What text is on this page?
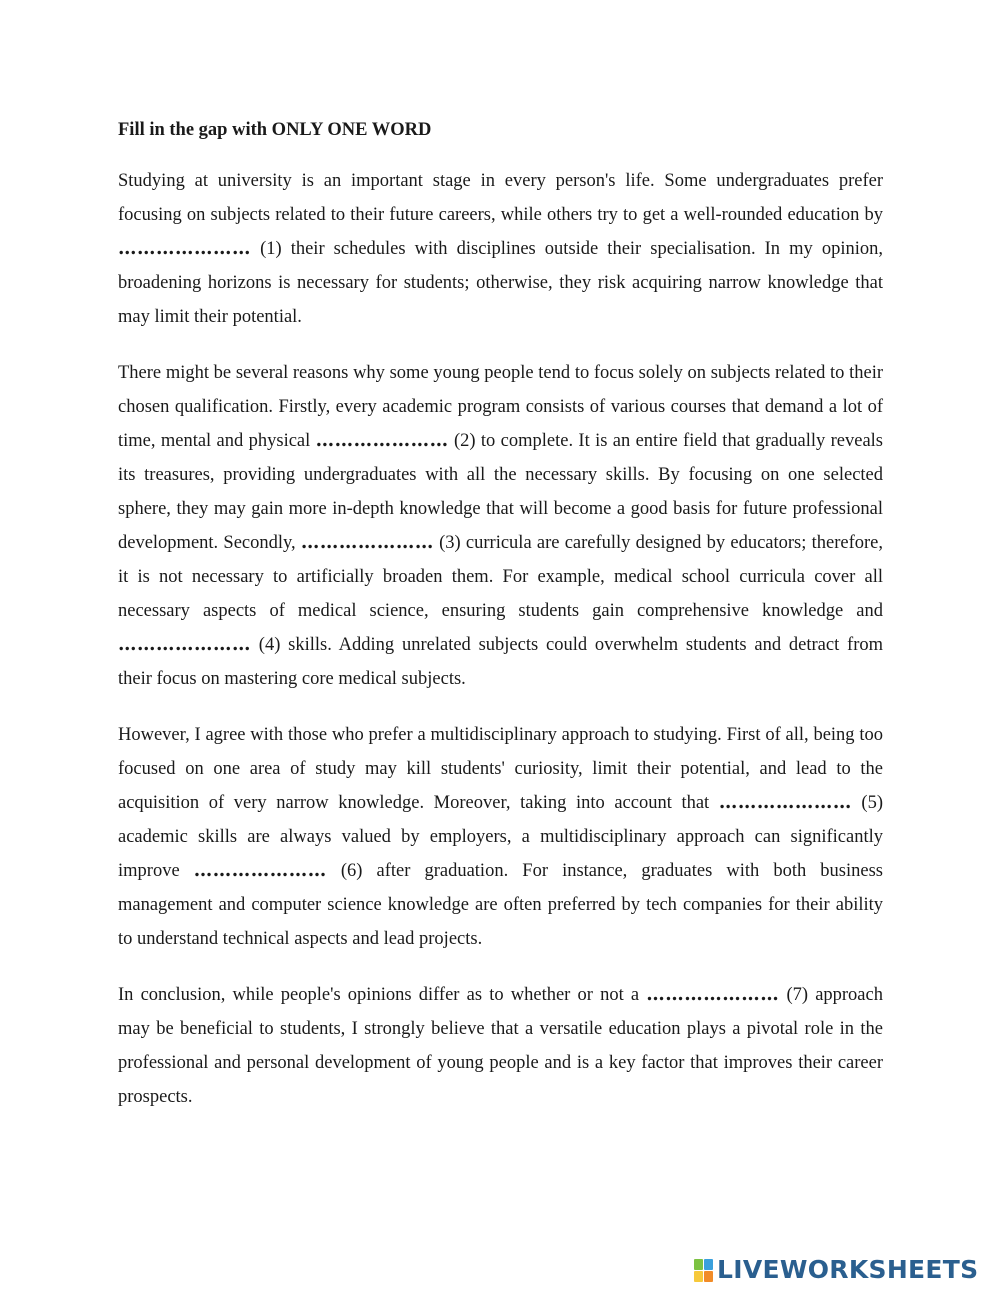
Fill in the gap with ONLY ONE WORD

Studying at university is an important stage in every person's life. Some undergraduates prefer focusing on subjects related to their future careers, while others try to get a well-rounded education by ………………… (1) their schedules with disciplines outside their specialisation. In my opinion, broadening horizons is necessary for students; otherwise, they risk acquiring narrow knowledge that may limit their potential.

There might be several reasons why some young people tend to focus solely on subjects related to their chosen qualification. Firstly, every academic program consists of various courses that demand a lot of time, mental and physical ………………… (2) to complete. It is an entire field that gradually reveals its treasures, providing undergraduates with all the necessary skills. By focusing on one selected sphere, they may gain more in-depth knowledge that will become a good basis for future professional development. Secondly, ………………… (3) curricula are carefully designed by educators; therefore, it is not necessary to artificially broaden them. For example, medical school curricula cover all necessary aspects of medical science, ensuring students gain comprehensive knowledge and ………………… (4) skills. Adding unrelated subjects could overwhelm students and detract from their focus on mastering core medical subjects.

However, I agree with those who prefer a multidisciplinary approach to studying. First of all, being too focused on one area of study may kill students' curiosity, limit their potential, and lead to the acquisition of very narrow knowledge. Moreover, taking into account that ………………… (5) academic skills are always valued by employers, a multidisciplinary approach can significantly improve ………………… (6) after graduation. For instance, graduates with both business management and computer science knowledge are often preferred by tech companies for their ability to understand technical aspects and lead projects.

In conclusion, while people's opinions differ as to whether or not a ………………… (7) approach may be beneficial to students, I strongly believe that a versatile education plays a pivotal role in the professional and personal development of young people and is a key factor that improves their career prospects.

LIVEWORKSHEETS
